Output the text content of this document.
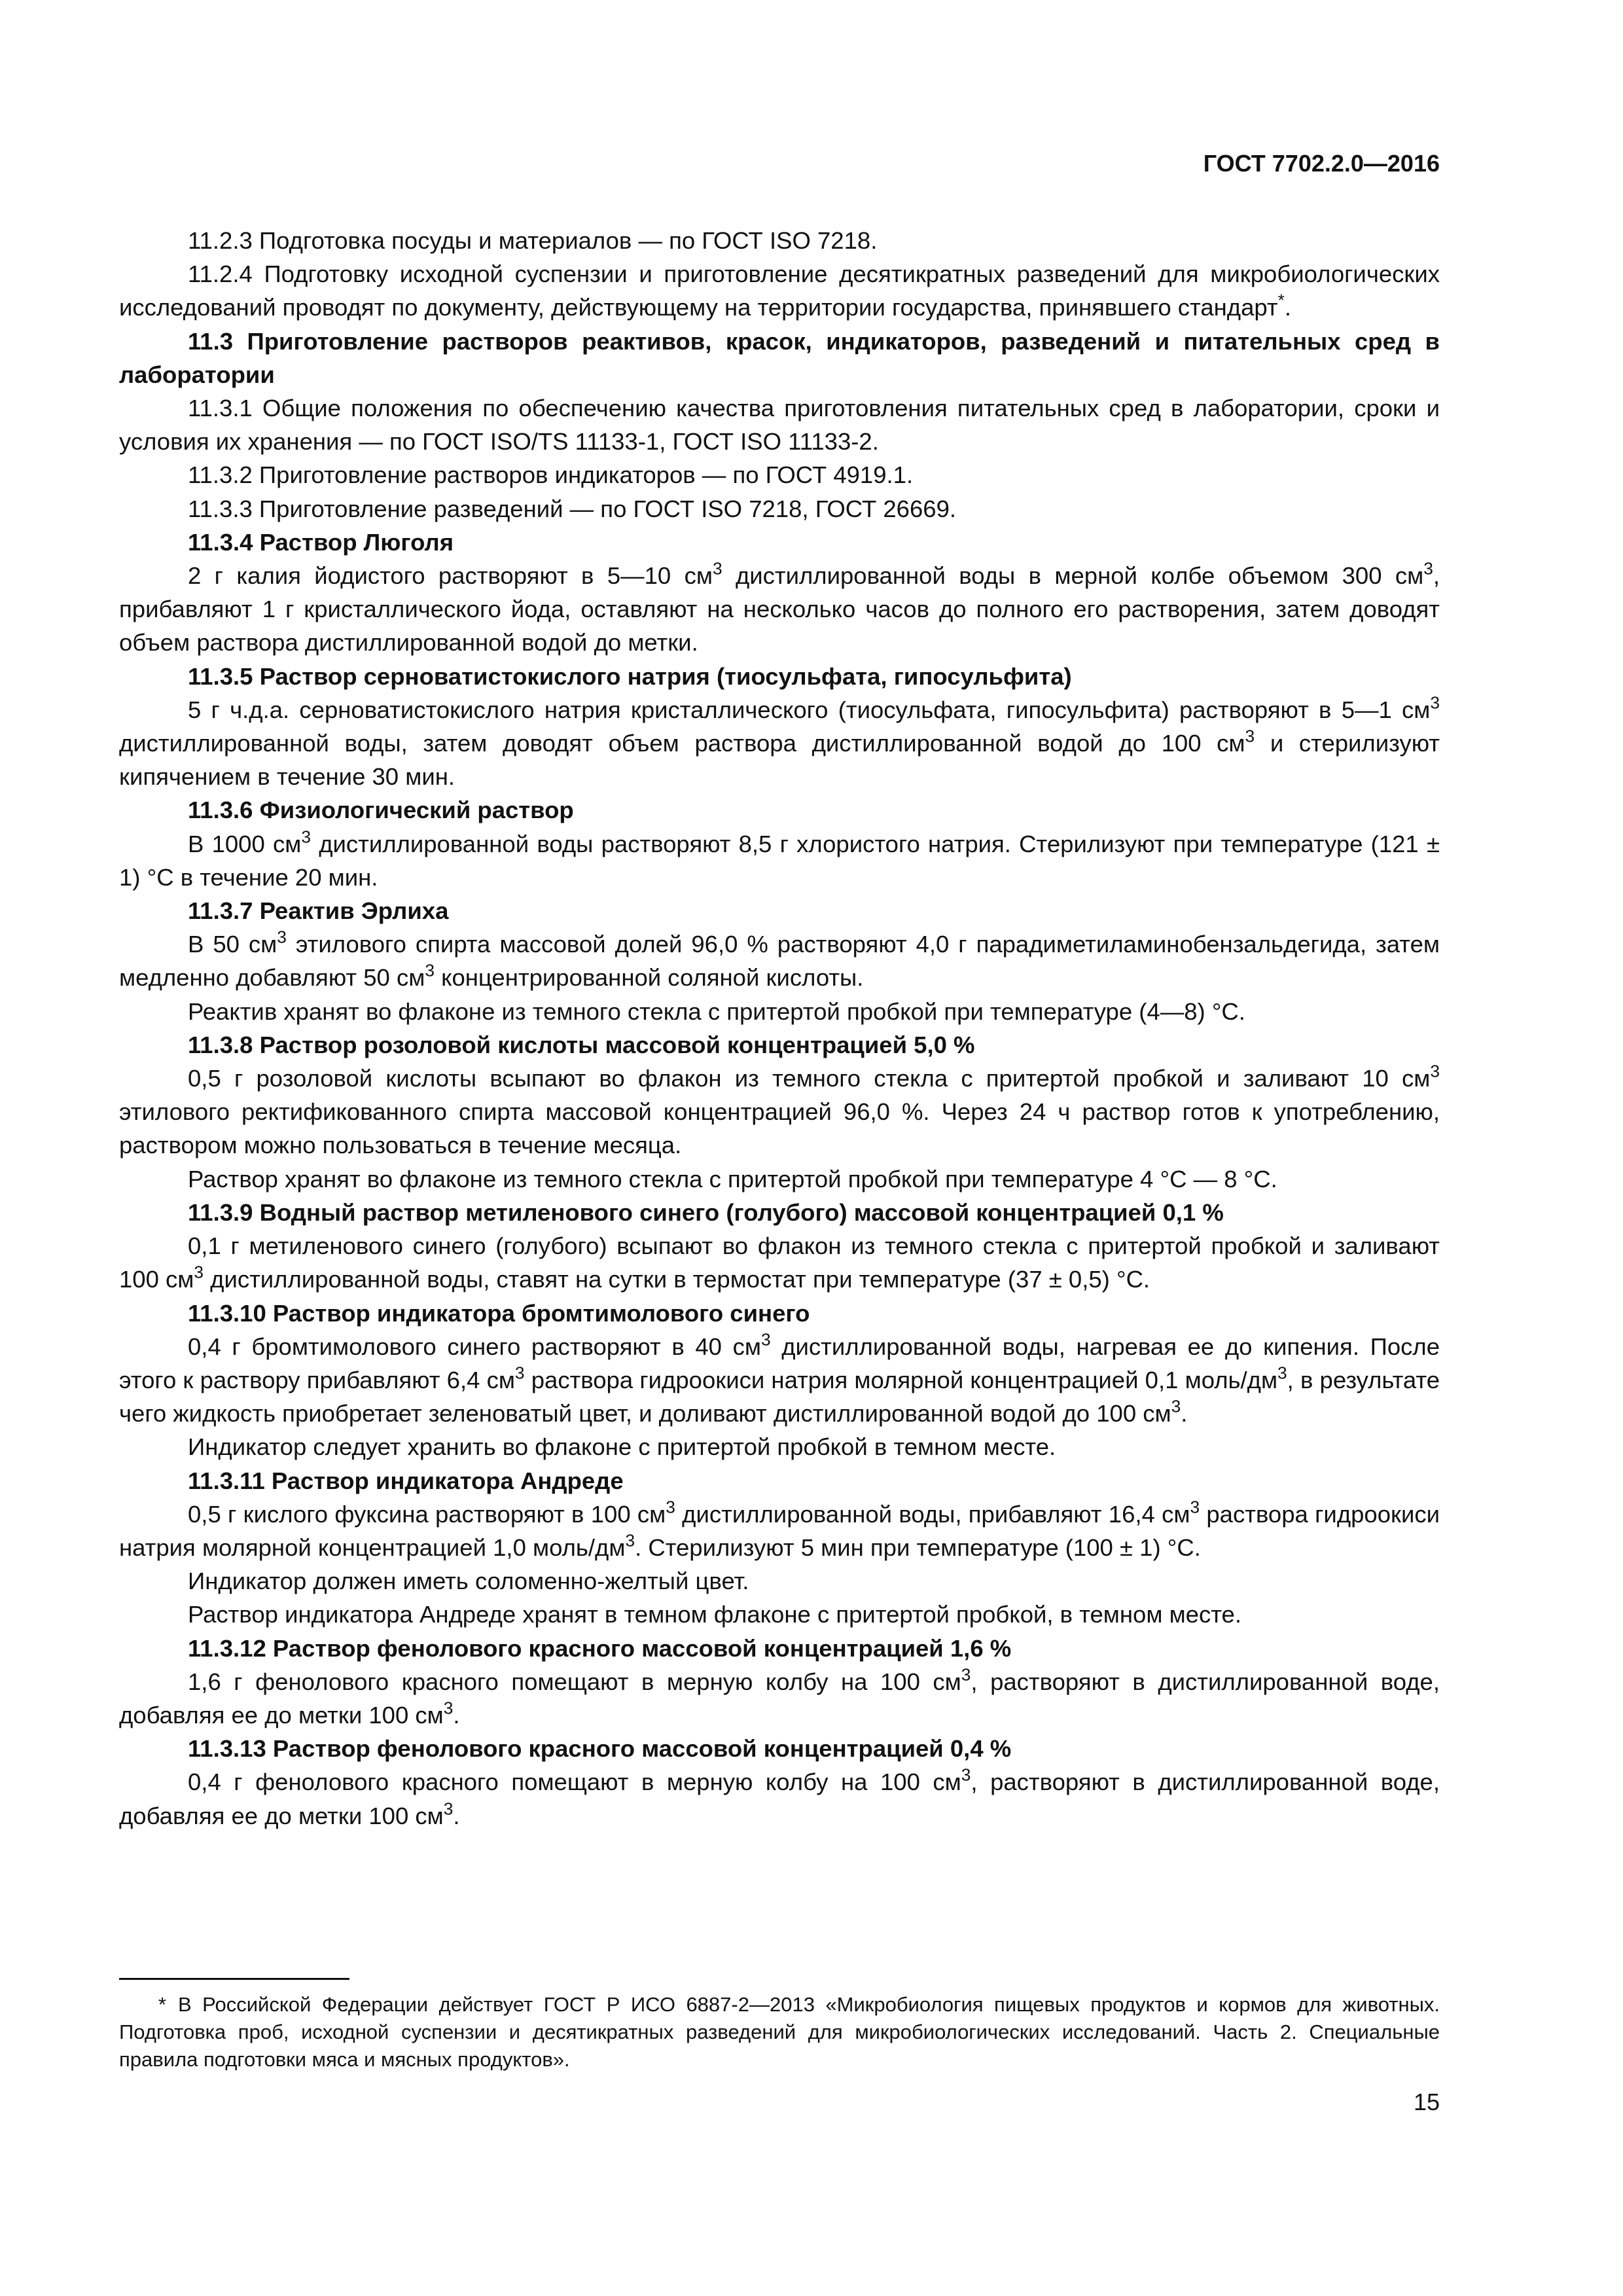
ГОСТ 7702.2.0—2016

11.2.3 Подготовка посуды и материалов — по ГОСТ ISO 7218.

11.2.4 Подготовку исходной суспензии и приготовление десятикратных разведений для микробиологических исследований проводят по документу, действующему на территории государства, принявшего стандарт*.

11.3 Приготовление растворов реактивов, красок, индикаторов, разведений и питательных сред в лаборатории

11.3.1 Общие положения по обеспечению качества приготовления питательных сред в лаборатории, сроки и условия их хранения — по ГОСТ ISO/TS 11133-1, ГОСТ ISO 11133-2.

11.3.2 Приготовление растворов индикаторов — по ГОСТ 4919.1.

11.3.3 Приготовление разведений — по ГОСТ ISO 7218, ГОСТ 26669.

11.3.4 Раствор Люголя

2 г калия йодистого растворяют в 5—10 $см^3$ дистиллированной воды в мерной колбе объемом 300 $см^3$, прибавляют 1 г кристаллического йода, оставляют на несколько часов до полного его растворения, затем доводят объем раствора дистиллированной водой до метки.

11.3.5 Раствор серноватистокислого натрия (тиосульфата, гипосульфита)

5 г ч.д.а. серноватистокислого натрия кристаллического (тиосульфата, гипосульфита) растворяют в 5—1 $см^3$ дистиллированной воды, затем доводят объем раствора дистиллированной водой до 100 $см^3$ и стерилизуют кипячением в течение 30 мин.

11.3.6 Физиологический раствор

В 1000 $см^3$ дистиллированной воды растворяют 8,5 г хлористого натрия. Стерилизуют при температуре (121 ± 1) °С в течение 20 мин.

11.3.7 Реактив Эрлиха

В 50 $см^3$ этилового спирта массовой долей 96,0 % растворяют 4,0 г парадиметиламинобензальдегида, затем медленно добавляют 50 $см^3$ концентрированной соляной кислоты.

Реактив хранят во флаконе из темного стекла с притертой пробкой при температуре (4—8) °С.

11.3.8 Раствор розоловой кислоты массовой концентрацией 5,0 %

0,5 г розоловой кислоты всыпают во флакон из темного стекла с притертой пробкой и заливают 10 $см^3$ этилового ректификованного спирта массовой концентрацией 96,0 %. Через 24 ч раствор готов к употреблению, раствором можно пользоваться в течение месяца.

Раствор хранят во флаконе из темного стекла с притертой пробкой при температуре 4 °С — 8 °С.

11.3.9 Водный раствор метиленового синего (голубого) массовой концентрацией 0,1 %

0,1 г метиленового синего (голубого) всыпают во флакон из темного стекла с притертой пробкой и заливают 100 $см^3$ дистиллированной воды, ставят на сутки в термостат при температуре (37 ± 0,5) °С.

11.3.10 Раствор индикатора бромтимолового синего

0,4 г бромтимолового синего растворяют в 40 $см^3$ дистиллированной воды, нагревая ее до кипения. После этого к раствору прибавляют 6,4 $см^3$ раствора гидроокиси натрия молярной концентрацией 0,1 моль/$дм^3$, в результате чего жидкость приобретает зеленоватый цвет, и доливают дистиллированной водой до 100 $см^3$.

Индикатор следует хранить во флаконе с притертой пробкой в темном месте.

11.3.11 Раствор индикатора Андреде

0,5 г кислого фуксина растворяют в 100 $см^3$ дистиллированной воды, прибавляют 16,4 $см^3$ раствора гидроокиси натрия молярной концентрацией 1,0 моль/$дм^3$. Стерилизуют 5 мин при температуре (100 ± 1) °С.

Индикатор должен иметь соломенно-желтый цвет.

Раствор индикатора Андреде хранят в темном флаконе с притертой пробкой, в темном месте.

11.3.12 Раствор фенолового красного массовой концентрацией 1,6 %

1,6 г фенолового красного помещают в мерную колбу на 100 $см^3$, растворяют в дистиллированной воде, добавляя ее до метки 100 $см^3$.

11.3.13 Раствор фенолового красного массовой концентрацией 0,4 %

0,4 г фенолового красного помещают в мерную колбу на 100 $см^3$, растворяют в дистиллированной воде, добавляя ее до метки 100 $см^3$.

* В Российской Федерации действует ГОСТ Р ИСО 6887-2—2013 «Микробиология пищевых продуктов и кормов для животных. Подготовка проб, исходной суспензии и десятикратных разведений для микробиологических исследований. Часть 2. Специальные правила подготовки мяса и мясных продуктов».
15
